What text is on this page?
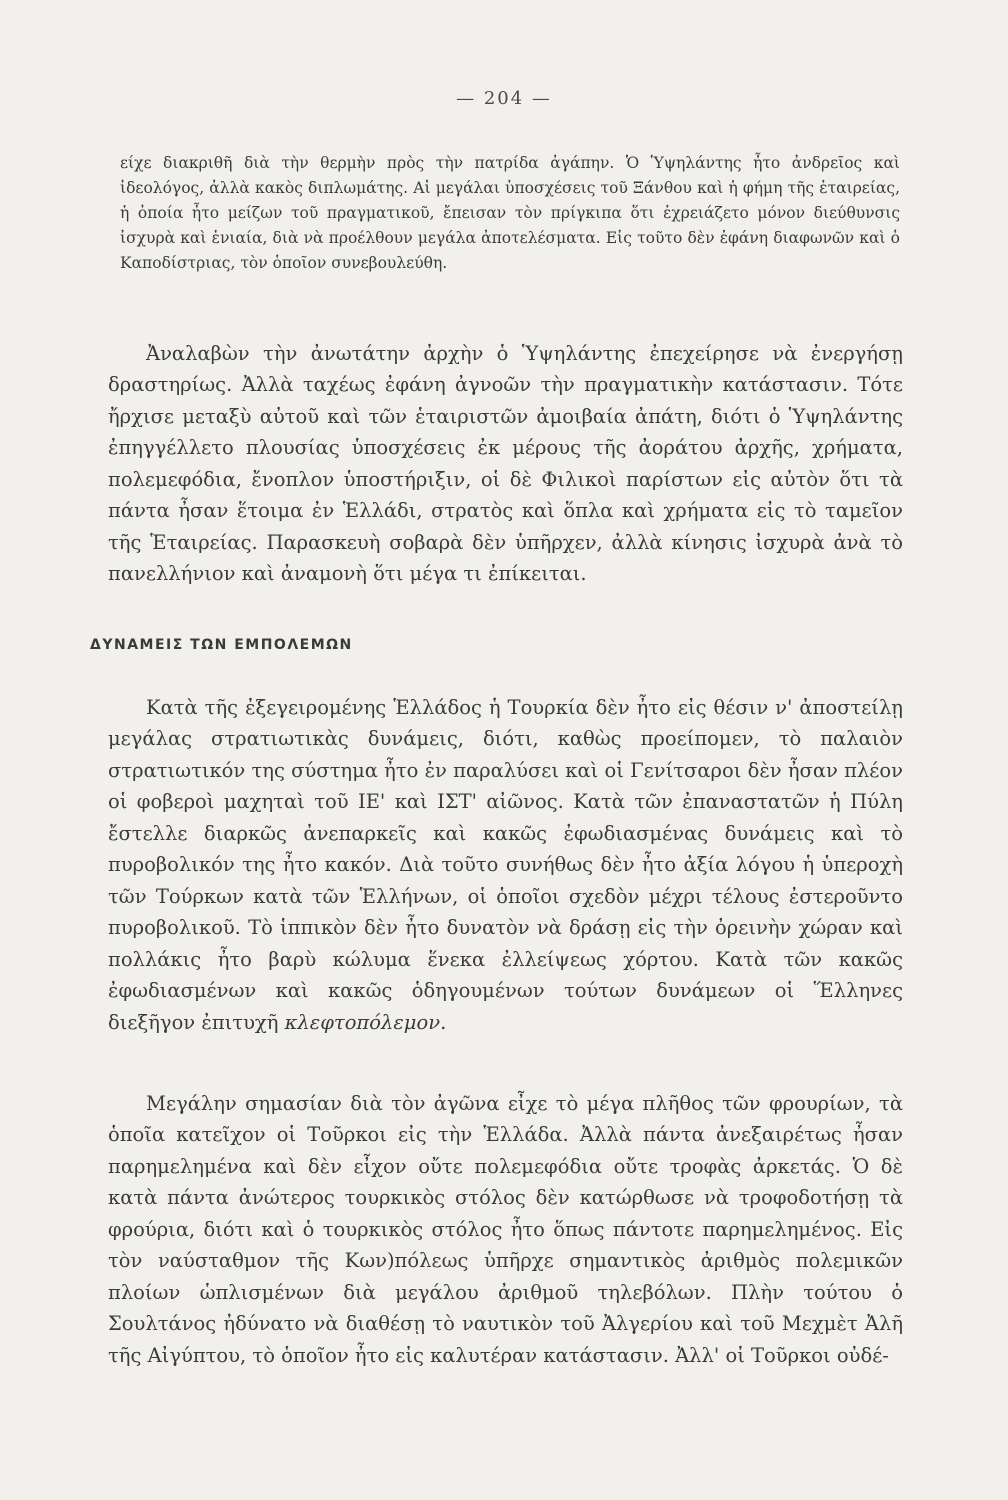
— 204 —

είχε διακριθῆ διὰ τὴν θερμὴν πρὸς τὴν πατρίδα ἀγάπην. Ὁ Ὑψηλάντης ἦτο ἀνδρεῖος καὶ ἰδεολόγος, ἀλλὰ κακὸς διπλωμάτης. Αἱ μεγάλαι ὑποσχέσεις τοῦ Ξάνθου καὶ ἡ φήμη τῆς ἑταιρείας, ἡ ὁποία ἦτο μείζων τοῦ πραγματικοῦ, ἔπεισαν τὸν πρίγκιπα ὅτι ἐχρειάζετο μόνον διεύθυνσις ἰσχυρὰ καὶ ἑνιαία, διὰ νὰ προέλθουν μεγάλα ἀποτελέσματα. Εἰς τοῦτο δὲν ἐφάνη διαφωνῶν καὶ ὁ Καποδίστριας, τὸν ὁποῖον συνεβουλεύθη.

Ἀναλαβὼν τὴν ἀνωτάτην ἀρχὴν ὁ Ὑψηλάντης ἐπεχείρησε νὰ ἐνεργήσῃ δραστηρίως. Ἀλλὰ ταχέως ἐφάνη ἀγνοῶν τὴν πραγματικὴν κατάστασιν. Τότε ἤρχισε μεταξὺ αὐτοῦ καὶ τῶν ἑταιριστῶν ἀμοιβαία ἀπάτη, διότι ὁ Ὑψηλάντης ἐπηγγέλλετο πλουσίας ὑποσχέσεις ἐκ μέρους τῆς ἀοράτου ἀρχῆς, χρήματα, πολεμεφόδια, ἔνοπλον ὑποστήριξιν, οἱ δὲ Φιλικοὶ παρίστων εἰς αὐτὸν ὅτι τὰ πάντα ἦσαν ἕτοιμα ἐν Ἑλλάδι, στρατὸς καὶ ὅπλα καὶ χρήματα εἰς τὸ ταμεῖον τῆς Ἑταιρείας. Παρασκευὴ σοβαρὰ δὲν ὑπῆρχεν, ἀλλὰ κίνησις ἰσχυρὰ ἀνὰ τὸ πανελλήνιον καὶ ἀναμονὴ ὅτι μέγα τι ἐπίκειται.

ΔΥΝΑΜΕΙΣ ΤΩΝ ΕΜΠΟΛΕΜΩΝ

Κατὰ τῆς ἐξεγειρομένης Ἑλλάδος ἡ Τουρκία δὲν ἦτο εἰς θέσιν ν' ἀποστείλῃ μεγάλας στρατιωτικὰς δυνάμεις, διότι, καθὼς προείπομεν, τὸ παλαιὸν στρατιωτικόν της σύστημα ἦτο ἐν παραλύσει καὶ οἱ Γενίτσαροι δὲν ἦσαν πλέον οἱ φοβεροὶ μαχηταὶ τοῦ ΙΕ' καὶ ΙΣΤ' αἰῶνος. Κατὰ τῶν ἐπαναστατῶν ἡ Πύλη ἔστελλε διαρκῶς ἀνεπαρκεῖς καὶ κακῶς ἐφωδιασμένας δυνάμεις καὶ τὸ πυροβολικόν της ἦτο κακόν. Διὰ τοῦτο συνήθως δὲν ἦτο ἀξία λόγου ἡ ὑπεροχὴ τῶν Τούρκων κατὰ τῶν Ἑλλήνων, οἱ ὁποῖοι σχεδὸν μέχρι τέλους ἐστεροῦντο πυροβολικοῦ. Τὸ ἱππικὸν δὲν ἦτο δυνατὸν νὰ δράσῃ εἰς τὴν ὀρεινὴν χώραν καὶ πολλάκις ἦτο βαρὺ κώλυμα ἕνεκα ἐλλείψεως χόρτου. Κατὰ τῶν κακῶς ἐφωδιασμένων καὶ κακῶς ὁδηγουμένων τούτων δυνάμεων οἱ Ἕλληνες διεξῆγον ἐπιτυχῆ κλεφτοπόλεμον.

Μεγάλην σημασίαν διὰ τὸν ἀγῶνα εἶχε τὸ μέγα πλῆθος τῶν φρουρίων, τὰ ὁποῖα κατεῖχον οἱ Τοῦρκοι εἰς τὴν Ἑλλάδα. Ἀλλὰ πάντα ἀνεξαιρέτως ἦσαν παρημελημένα καὶ δὲν εἶχον οὔτε πολεμεφόδια οὔτε τροφὰς ἀρκετάς. Ὁ δὲ κατὰ πάντα ἀνώτερος τουρκικὸς στόλος δὲν κατώρθωσε νὰ τροφοδοτήσῃ τὰ φρούρια, διότι καὶ ὁ τουρκικὸς στόλος ἦτο ὅπως πάντοτε παρημελημένος. Εἰς τὸν ναύσταθμον τῆς Κων)πόλεως ὑπῆρχε σημαντικὸς ἀριθμὸς πολεμικῶν πλοίων ὡπλισμένων διὰ μεγάλου ἀριθμοῦ τηλεβόλων. Πλὴν τούτου ὁ Σουλτάνος ἠδύνατο νὰ διαθέσῃ τὸ ναυτικὸν τοῦ Ἀλγερίου καὶ τοῦ Μεχμὲτ Ἀλῆ τῆς Αἰγύπτου, τὸ ὁποῖον ἦτο εἰς καλυτέραν κατάστασιν. Ἀλλ' οἱ Τοῦρκοι οὐδέ-
